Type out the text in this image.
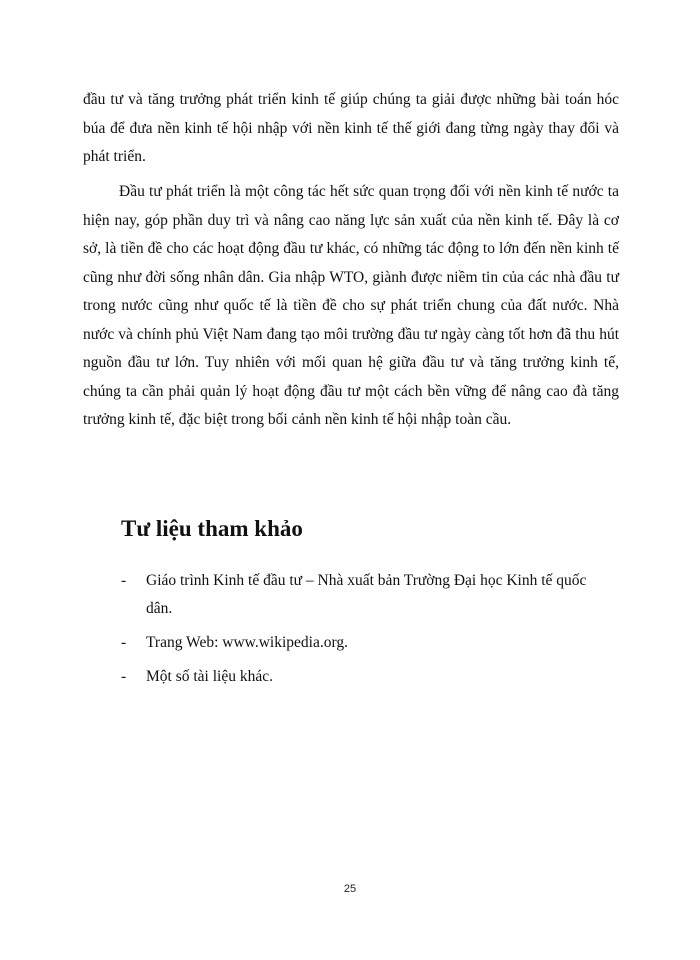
đầu tư và tăng trưởng phát triển kinh tế giúp chúng ta giải được những bài toán hóc búa để đưa nền kinh tế hội nhập với nền kinh tế thế giới đang từng ngày thay đổi và phát triển.

Đầu tư phát triển là một công tác hết sức quan trọng đối với nền kinh tế nước ta hiện nay, góp phần duy trì và nâng cao năng lực sản xuất của nền kinh tế. Đây là cơ sở, là tiền đề cho các hoạt động đầu tư khác, có những tác động to lớn đến nền kinh tế cũng như đời sống nhân dân. Gia nhập WTO, giành được niềm tin của các nhà đầu tư trong nước cũng như quốc tế là tiền đề cho sự phát triển chung của đất nước. Nhà nước và chính phủ Việt Nam đang tạo môi trường đầu tư ngày càng tốt hơn đã thu hút nguồn đầu tư lớn. Tuy nhiên với mối quan hệ giữa đầu tư và tăng trưởng kinh tế, chúng ta cần phải quản lý hoạt động đầu tư một cách bền vững để nâng cao đà tăng trưởng kinh tế, đặc biệt trong bối cảnh nền kinh tế hội nhập toàn cầu.

Tư liệu tham khảo
- Giáo trình Kinh tế đầu tư – Nhà xuất bản Trường Đại học Kinh tế quốc dân.
- Trang Web: www.wikipedia.org.
- Một số tài liệu khác.
25
